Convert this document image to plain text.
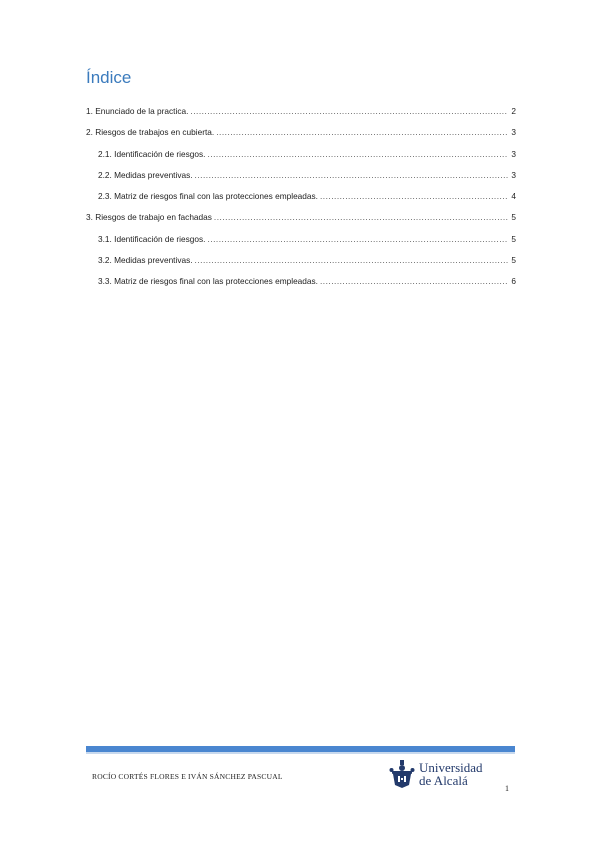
Índice
1. Enunciado de la practica. .....	2
2. Riesgos de trabajos en cubierta. .....	3
2.1. Identificación de riesgos. .....	3
2.2. Medidas preventivas. .....	3
2.3. Matriz de riesgos final con las protecciones empleadas. .....	4
3. Riesgos de trabajo en fachadas .....	5
3.1. Identificación de riesgos. .....	5
3.2. Medidas preventivas. .....	5
3.3. Matriz de riesgos final con las protecciones empleadas. .....	6
ROCÍO CORTÉS FLORES E IVÁN SÁNCHEZ PASCUAL
Universidad
de Alcalá
1
